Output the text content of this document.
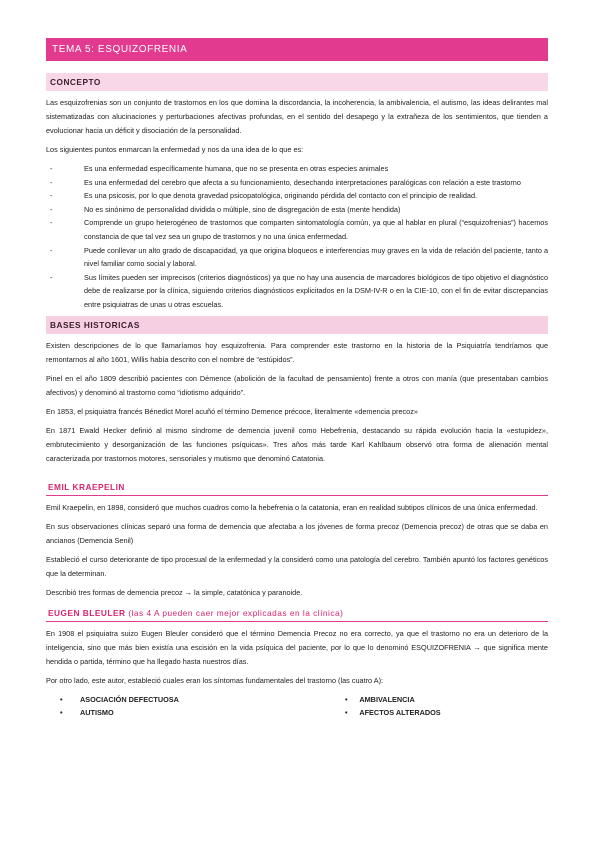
TEMA 5: ESQUIZOFRENIA
CONCEPTO

Las esquizofrenias son un conjunto de trastornos en los que domina la discordancia, la incoherencia, la ambivalencia, el autismo, las ideas delirantes mal sistematizadas con alucinaciones y perturbaciones afectivas profundas, en el sentido del desapego y la extrañeza de los sentimientos, que tienden a evolucionar hacia un déficit y disociación de la personalidad.

Los siguientes puntos enmarcan la enfermedad y nos da una idea de lo que es:

- Es una enfermedad específicamente humana, que no se presenta en otras especies animales
- Es una enfermedad del cerebro que afecta a su funcionamiento, desechando interpretaciones paralógicas con relación a este trastorno
- Es una psicosis, por lo que denota gravedad psicopatológica, originando pérdida del contacto con el principio de realidad.
- No es sinónimo de personalidad dividida o múltiple, sino de disgregación de esta (mente hendida)
- Comprende un grupo heterogéneo de trastornos que comparten sintomatología común, ya que al hablar en plural (“esquizofrenias”) hacemos constancia de que tal vez sea un grupo de trastornos y no una única enfermedad.
- Puede conllevar un alto grado de discapacidad, ya que origina bloqueos e interferencias muy graves en la vida de relación del paciente, tanto a nivel familiar como social y laboral.
- Sus límites pueden ser imprecisos (criterios diagnósticos) ya que no hay una ausencia de marcadores biológicos de tipo objetivo el diagnóstico debe de realizarse por la clínica, siguiendo criterios diagnósticos explicitados en la DSM-IV-R o en la CIE-10, con el fin de evitar discrepancias entre psiquiatras de unas u otras escuelas.
BASES HISTORICAS

Existen descripciones de lo que llamaríamos hoy esquizofrenia. Para comprender este trastorno en la historia de la Psiquiatría tendríamos que remontarnos al año 1601, Willis había descrito con el nombre de “estúpidos”.

Pinel en el año 1809 describió pacientes con Démence (abolición de la facultad de pensamiento) frente a otros con manía (que presentaban cambios afectivos) y denominó al trastorno como “idiotismo adquirido”.

En 1853, el psiquiatra francés Bénedict Morel acuñó el término Demence précoce, literalmente «demencia precoz»

En 1871 Ewald Hecker definió al mismo síndrome de demencia juvenil como Hebefrenia, destacando su rápida evolución hacia la «estupidez», embrutecimiento y desorganización de las funciones psíquicas». Tres años más tarde Karl Kahlbaum observó otra forma de alienación mental caracterizada por trastornos motores, sensoriales y mutismo que denominó Catatonia.

EMIL KRAEPELIN

Emil Kraepelin, en 1898, consideró que muchos cuadros como la hebefrenia o la catatonia, eran en realidad subtipos clínicos de una única enfermedad.

En sus observaciones clínicas separó una forma de demencia que afectaba a los jóvenes de forma precoz (Demencia precoz) de otras que se daba en ancianos (Demencia Senil)

Estableció el curso deteriorante de tipo procesual de la enfermedad y la consideró como una patología del cerebro. También apuntó los factores genéticos que la determinan.

Describió tres formas de demencia precoz → la simple, catatónica y paranoide.

EUGEN BLEULER (las 4 A pueden caer mejor explicadas en la clínica)

En 1908 el psiquiatra suizo Eugen Bleuler consideró que el término Demencia Precoz no era correcto, ya que el trastorno no era un deterioro de la inteligencia, sino que más bien existía una escisión en la vida psíquica del paciente, por lo que lo denominó ESQUIZOFRENIA → que significa mente hendida o partida, término que ha llegado hasta nuestros días.

Por otro lado, este autor, estableció cuales eran los síntomas fundamentales del trastorno (las cuatro A):

• ASOCIACIÓN DEFECTUOSA	• AMBIVALENCIA
• AUTISMO	• AFECTOS ALTERADOS
